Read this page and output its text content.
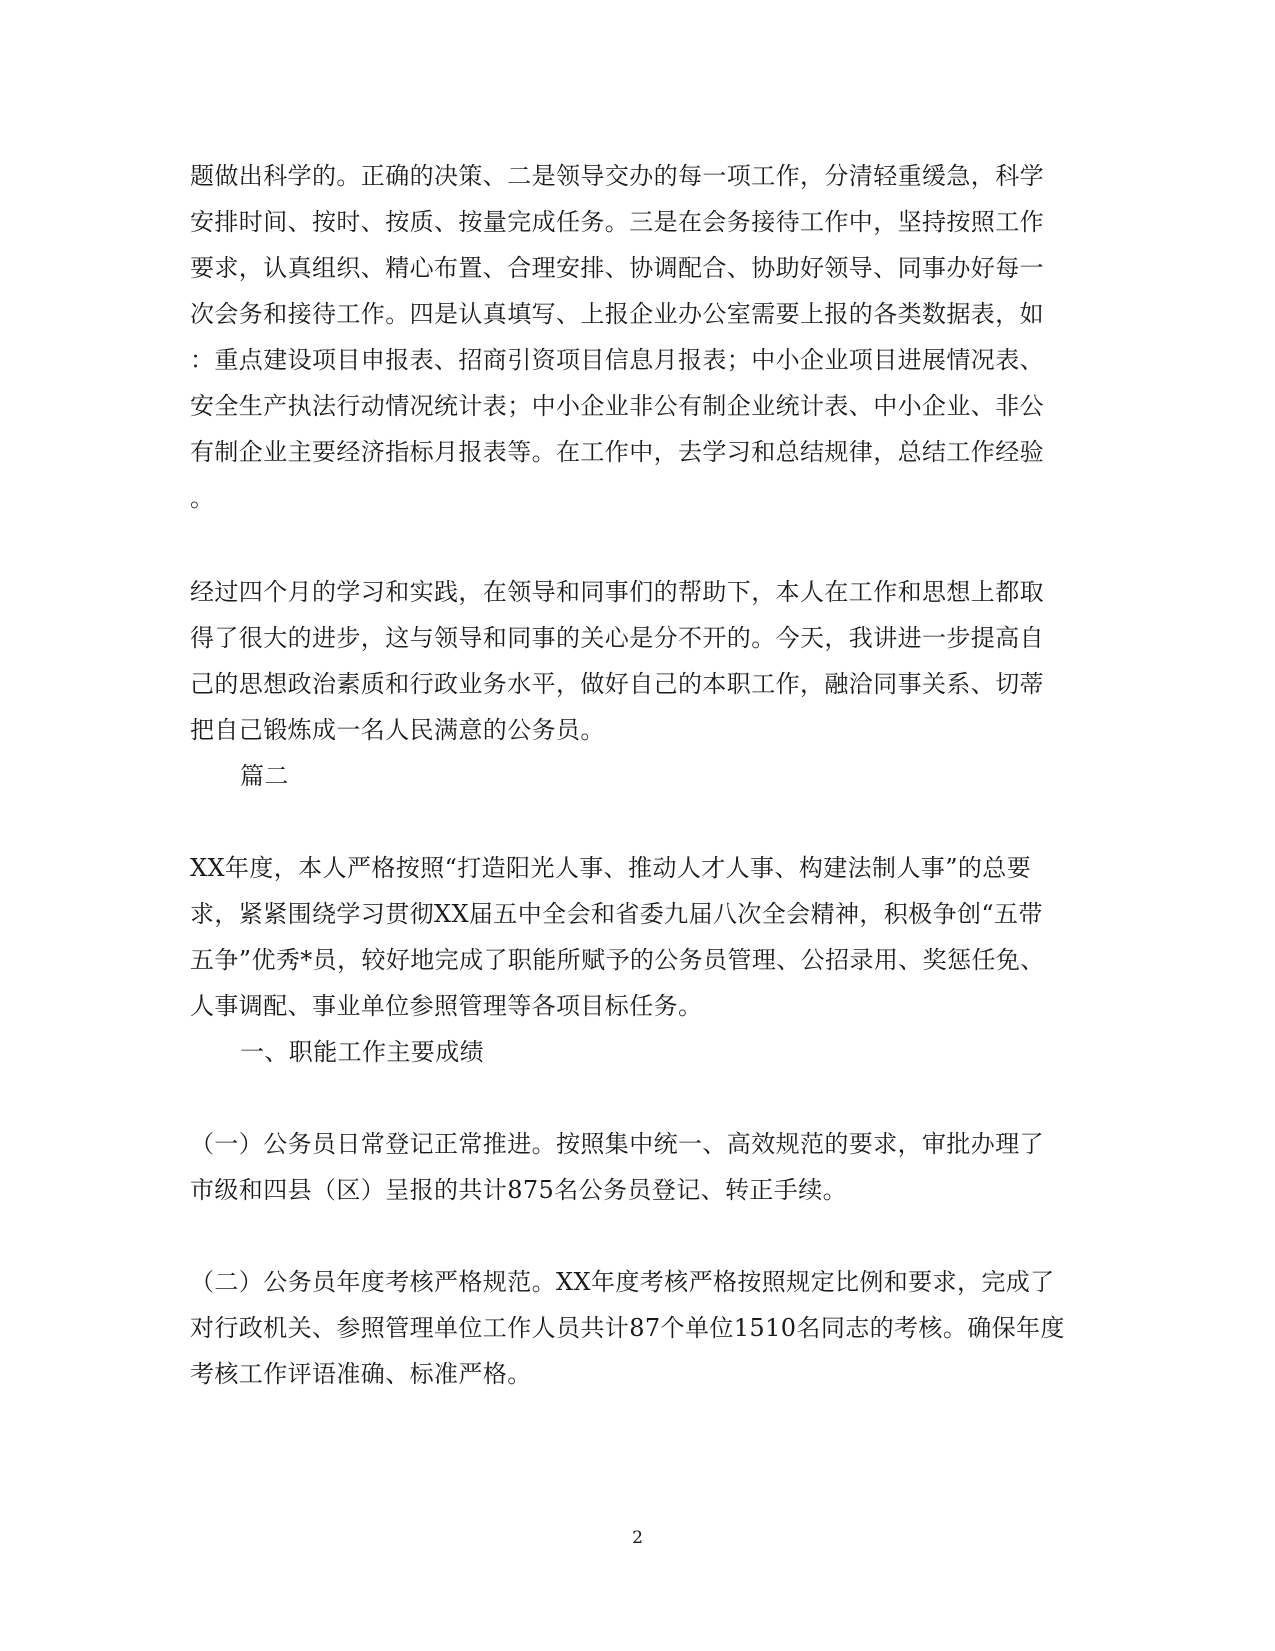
题做出科学的。正确的决策、二是领导交办的每一项工作，分清轻重缓急，科学
安排时间、按时、按质、按量完成任务。三是在会务接待工作中，坚持按照工作
要求，认真组织、精心布置、合理安排、协调配合、协助好领导、同事办好每一
次会务和接待工作。四是认真填写、上报企业办公室需要上报的各类数据表，如
：重点建设项目申报表、招商引资项目信息月报表；中小企业项目进展情况表、
安全生产执法行动情况统计表；中小企业非公有制企业统计表、中小企业、非公
有制企业主要经济指标月报表等。在工作中，去学习和总结规律，总结工作经验
。
经过四个月的学习和实践，在领导和同事们的帮助下，本人在工作和思想上都取
得了很大的进步，这与领导和同事的关心是分不开的。今天，我讲进一步提高自
己的思想政治素质和行政业务水平，做好自己的本职工作，融洽同事关系、切蒂
把自己锻炼成一名人民满意的公务员。
篇二
XX年度，本人严格按照“打造阳光人事、推动人才人事、构建法制人事”的总要
求，紧紧围绕学习贯彻XX届五中全会和省委九届八次全会精神，积极争创“五带
五争”优秀*员，较好地完成了职能所赋予的公务员管理、公招录用、奖惩任免、
人事调配、事业单位参照管理等各项目标任务。
一、职能工作主要成绩
（一）公务员日常登记正常推进。按照集中统一、高效规范的要求，审批办理了
市级和四县（区）呈报的共计875名公务员登记、转正手续。
（二）公务员年度考核严格规范。XX年度考核严格按照规定比例和要求，完成了
对行政机关、参照管理单位工作人员共计87个单位1510名同志的考核。确保年度
考核工作评语准确、标准严格。
2
